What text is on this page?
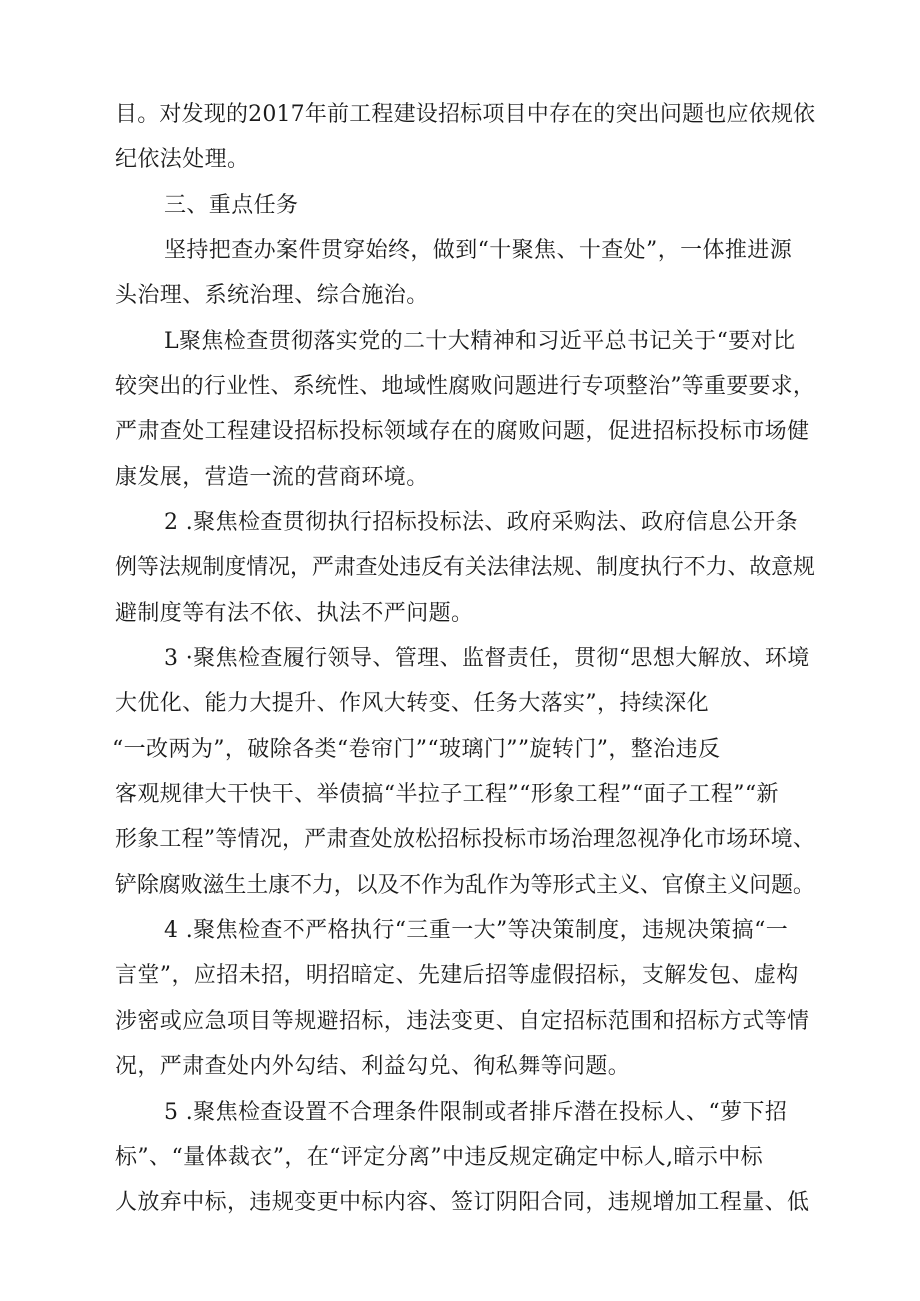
目。对发现的2017年前工程建设招标项目中存在的突出问题也应依规依
纪依法处理。
三、重点任务
坚持把查办案件贯穿始终，做到“十聚焦、十查处”，一体推进源
头治理、系统治理、综合施治。
L聚焦检查贯彻落实党的二十大精神和习近平总书记关于“要对比
较突出的行业性、系统性、地域性腐败问题进行专项整治”等重要要求，
严肃查处工程建设招标投标领域存在的腐败问题，促进招标投标市场健
康发展，营造一流的营商环境。
2 .聚焦检查贯彻执行招标投标法、政府采购法、政府信息公开条
例等法规制度情况，严肃查处违反有关法律法规、制度执行不力、故意规
避制度等有法不依、执法不严问题。
3 ·聚焦检查履行领导、管理、监督责任，贯彻“思想大解放、环境
大优化、能力大提升、作风大转变、任务大落实”，持续深化
“一改两为”，破除各类“卷帘门”“玻璃门””旋转门”，整治违反
客观规律大干快干、举债搞“半拉子工程”“形象工程”“面子工程”“新
形象工程”等情况，严肃查处放松招标投标市场治理忽视净化市场环境、
铲除腐败滋生土康不力，以及不作为乱作为等形式主义、官僚主义问题。
4 .聚焦检查不严格执行“三重一大”等决策制度，违规决策搞“一
言堂”，应招未招，明招暗定、先建后招等虚假招标，支解发包、虚构
涉密或应急项目等规避招标，违法变更、自定招标范围和招标方式等情
况，严肃查处内外勾结、利益勾兑、徇私舞等问题。
5 .聚焦检查设置不合理条件限制或者排斥潜在投标人、“萝下招
标”、“量体裁衣”，在“评定分离”中违反规定确定中标人,暗示中标
人放弃中标，违规变更中标内容、签订阴阳合同，违规增加工程量、低
